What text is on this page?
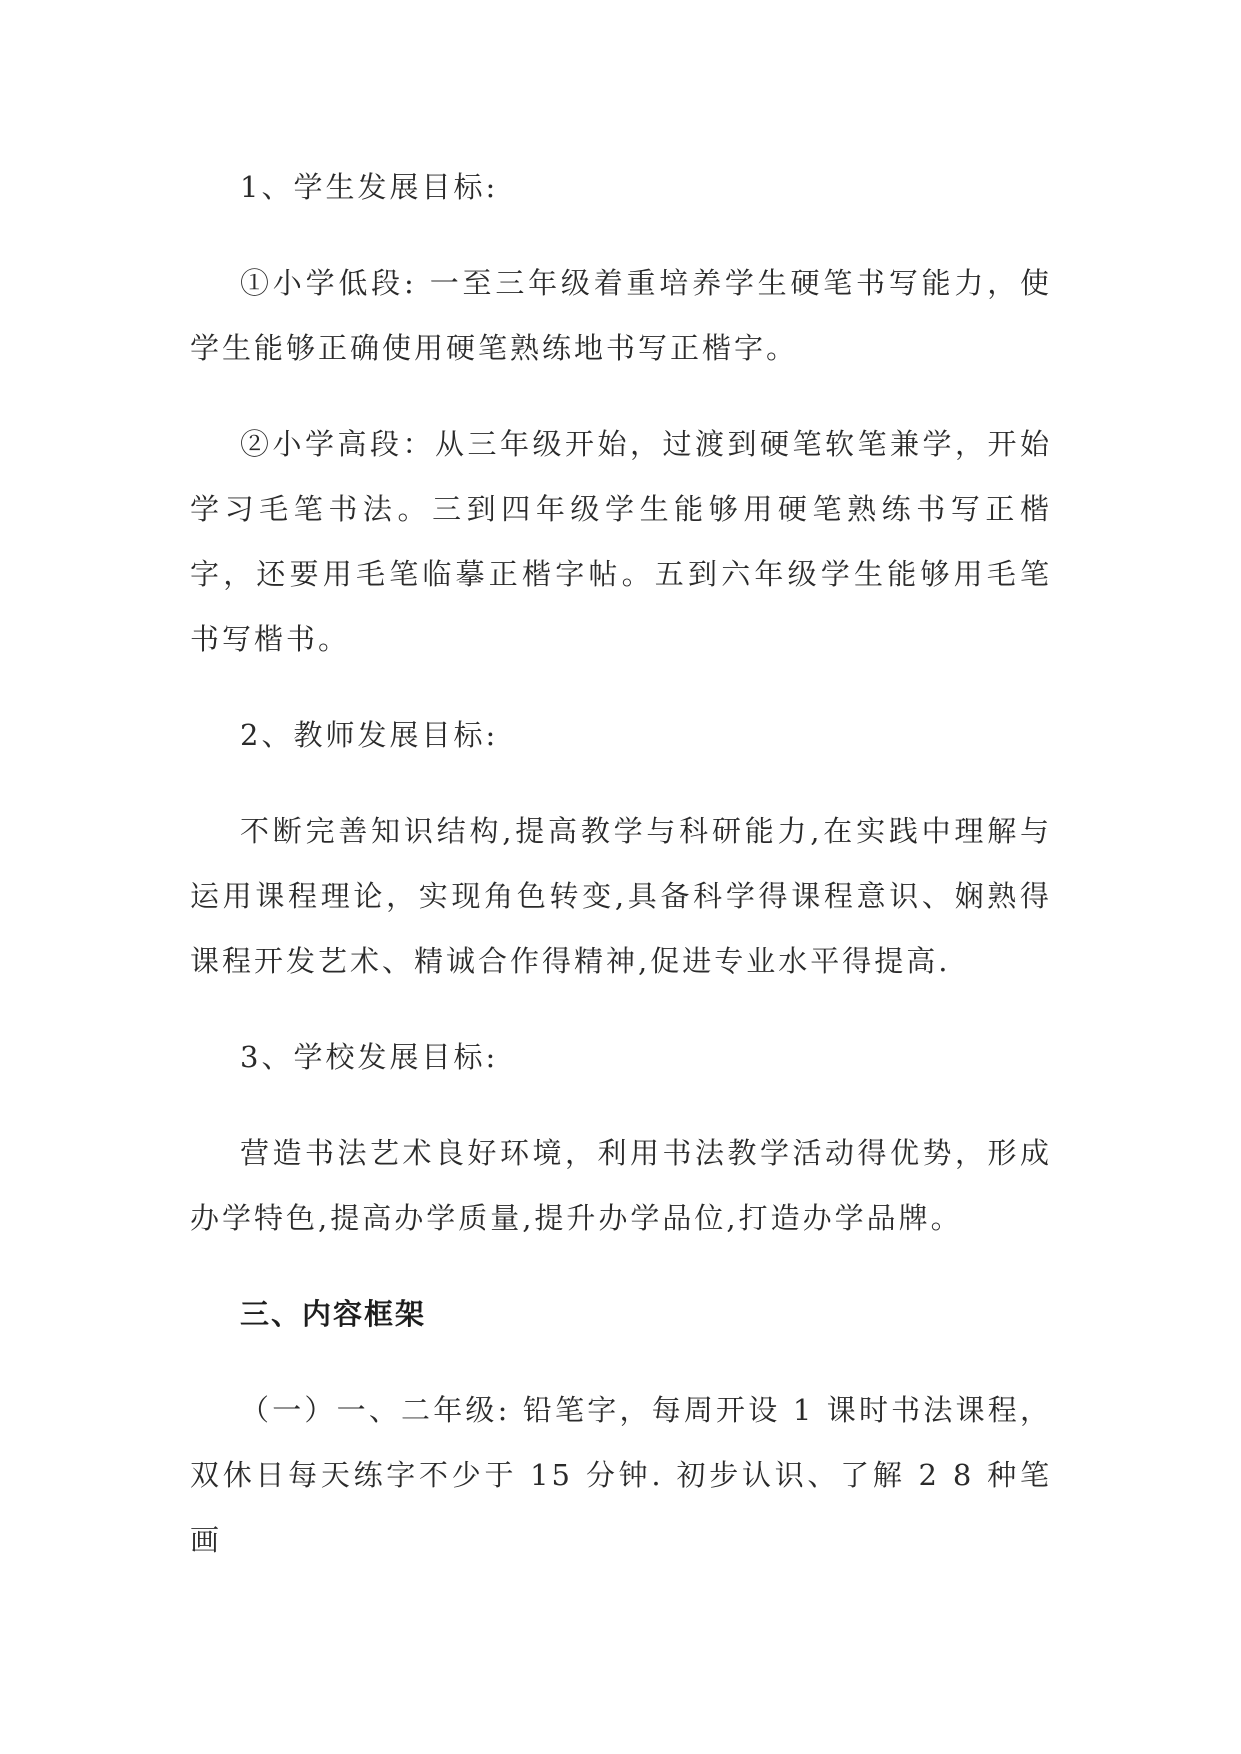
1、学生发展目标:

①小学低段: 一至三年级着重培养学生硬笔书写能力，使学生能够正确使用硬笔熟练地书写正楷字。

②小学高段：从三年级开始，过渡到硬笔软笔兼学，开始学习毛笔书法。三到四年级学生能够用硬笔熟练书写正楷字，还要用毛笔临摹正楷字帖。五到六年级学生能够用毛笔书写楷书。

2、教师发展目标:

不断完善知识结构,提高教学与科研能力,在实践中理解与运用课程理论，实现角色转变,具备科学得课程意识、娴熟得课程开发艺术、精诚合作得精神,促进专业水平得提高.

3、学校发展目标:

营造书法艺术良好环境，利用书法教学活动得优势，形成办学特色,提高办学质量,提升办学品位,打造办学品牌。

三、内容框架

（一）一、二年级: 铅笔字，每周开设 1 课时书法课程，双休日每天练字不少于 15 分钟. 初步认识、了解 2 8 种笔画
